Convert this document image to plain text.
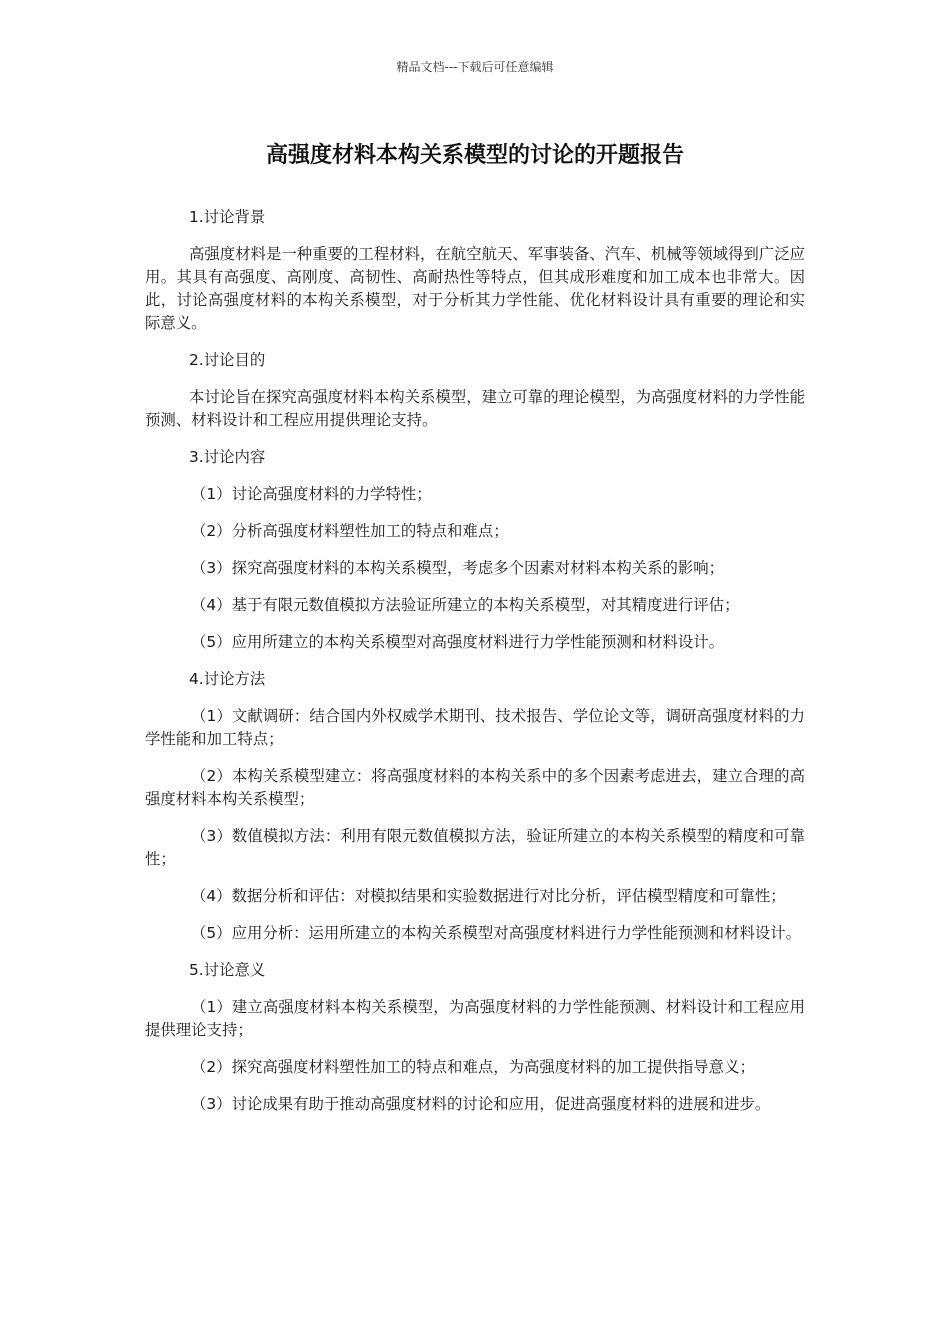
精品文档---下载后可任意编辑
高强度材料本构关系模型的讨论的开题报告

1.讨论背景

高强度材料是一种重要的工程材料，在航空航天、军事装备、汽车、机械等领域得到广泛应用。其具有高强度、高刚度、高韧性、高耐热性等特点，但其成形难度和加工成本也非常大。因此，讨论高强度材料的本构关系模型，对于分析其力学性能、优化材料设计具有重要的理论和实际意义。

2.讨论目的

本讨论旨在探究高强度材料本构关系模型，建立可靠的理论模型，为高强度材料的力学性能预测、材料设计和工程应用提供理论支持。

3.讨论内容

（1）讨论高强度材料的力学特性；

（2）分析高强度材料塑性加工的特点和难点；

（3）探究高强度材料的本构关系模型，考虑多个因素对材料本构关系的影响；

（4）基于有限元数值模拟方法验证所建立的本构关系模型，对其精度进行评估；

（5）应用所建立的本构关系模型对高强度材料进行力学性能预测和材料设计。

4.讨论方法

（1）文献调研：结合国内外权威学术期刊、技术报告、学位论文等，调研高强度材料的力学性能和加工特点；

（2）本构关系模型建立：将高强度材料的本构关系中的多个因素考虑进去，建立合理的高强度材料本构关系模型；

（3）数值模拟方法：利用有限元数值模拟方法，验证所建立的本构关系模型的精度和可靠性；

（4）数据分析和评估：对模拟结果和实验数据进行对比分析，评估模型精度和可靠性；

（5）应用分析：运用所建立的本构关系模型对高强度材料进行力学性能预测和材料设计。

5.讨论意义

（1）建立高强度材料本构关系模型，为高强度材料的力学性能预测、材料设计和工程应用提供理论支持；

（2）探究高强度材料塑性加工的特点和难点，为高强度材料的加工提供指导意义；

（3）讨论成果有助于推动高强度材料的讨论和应用，促进高强度材料的进展和进步。
